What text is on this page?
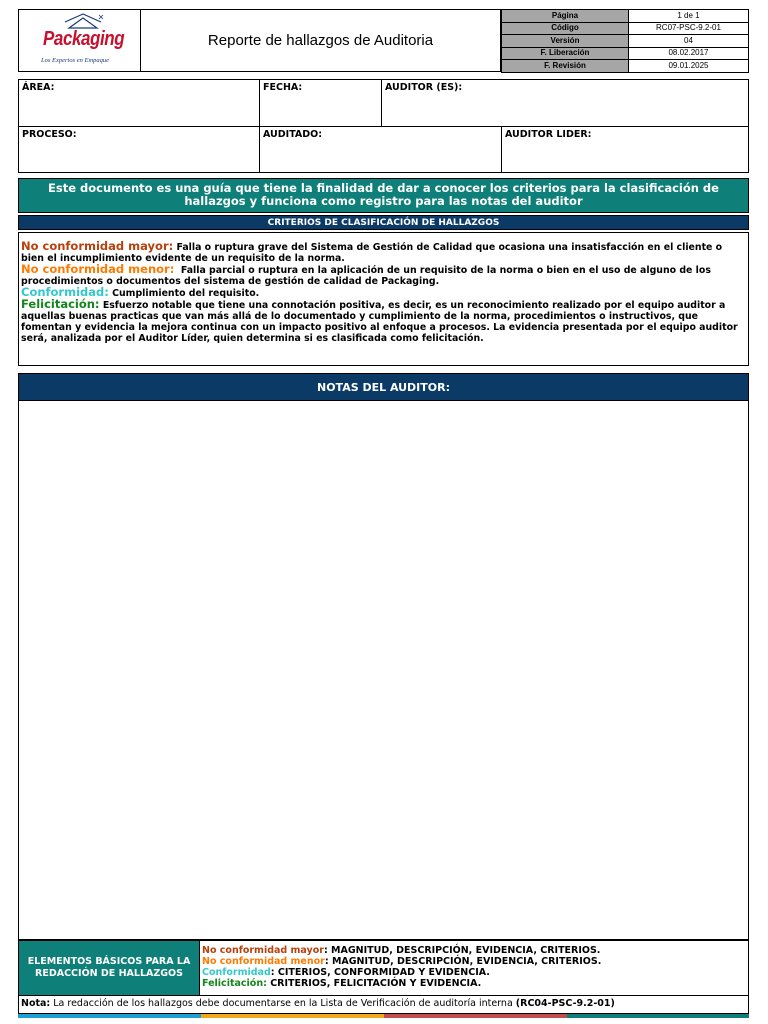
Packaging
Los Expertos en Empaque
Reporte de hallazgos de Auditoria
Página	1 de 1
Código	RC07-PSC-9.2-01
Versión	04
F. Liberación	08.02.2017
F. Revisión	09.01.2025
ÁREA:	FECHA:	AUDITOR (ES):
PROCESO:	AUDITADO:	AUDITOR LIDER:
Este documento es una guía que tiene la finalidad de dar a conocer los criterios para la clasificación de hallazgos y funciona como registro para las notas del auditor
CRITERIOS DE CLASIFICACIÓN DE HALLAZGOS
No conformidad mayor: Falla o ruptura grave del Sistema de Gestión de Calidad que ocasiona una insatisfacción en el cliente o bien el incumplimiento evidente de un requisito de la norma.
No conformidad menor: Falla parcial o ruptura en la aplicación de un requisito de la norma o bien en el uso de alguno de los procedimientos o documentos del sistema de gestión de calidad de Packaging.
Conformidad: Cumplimiento del requisito.
Felicitación: Esfuerzo notable que tiene una connotación positiva, es decir, es un reconocimiento realizado por el equipo auditor a aquellas buenas practicas que van más allá de lo documentado y cumplimiento de la norma, procedimientos o instructivos, que fomentan y evidencia la mejora continua con un impacto positivo al enfoque a procesos. La evidencia presentada por el equipo auditor será, analizada por el Auditor Líder, quien determina si es clasificada como felicitación.
NOTAS DEL AUDITOR:
ELEMENTOS BÁSICOS PARA LA REDACCIÓN DE HALLAZGOS
No conformidad mayor: MAGNITUD, DESCRIPCIÓN, EVIDENCIA, CRITERIOS.
No conformidad menor: MAGNITUD, DESCRIPCIÓN, EVIDENCIA, CRITERIOS.
Conformidad: CITERIOS, CONFORMIDAD Y EVIDENCIA.
Felicitación: CRITERIOS, FELICITACIÓN Y EVIDENCIA.
Nota: La redacción de los hallazgos debe documentarse en la Lista de Verificación de auditoría interna (RC04-PSC-9.2-01)
